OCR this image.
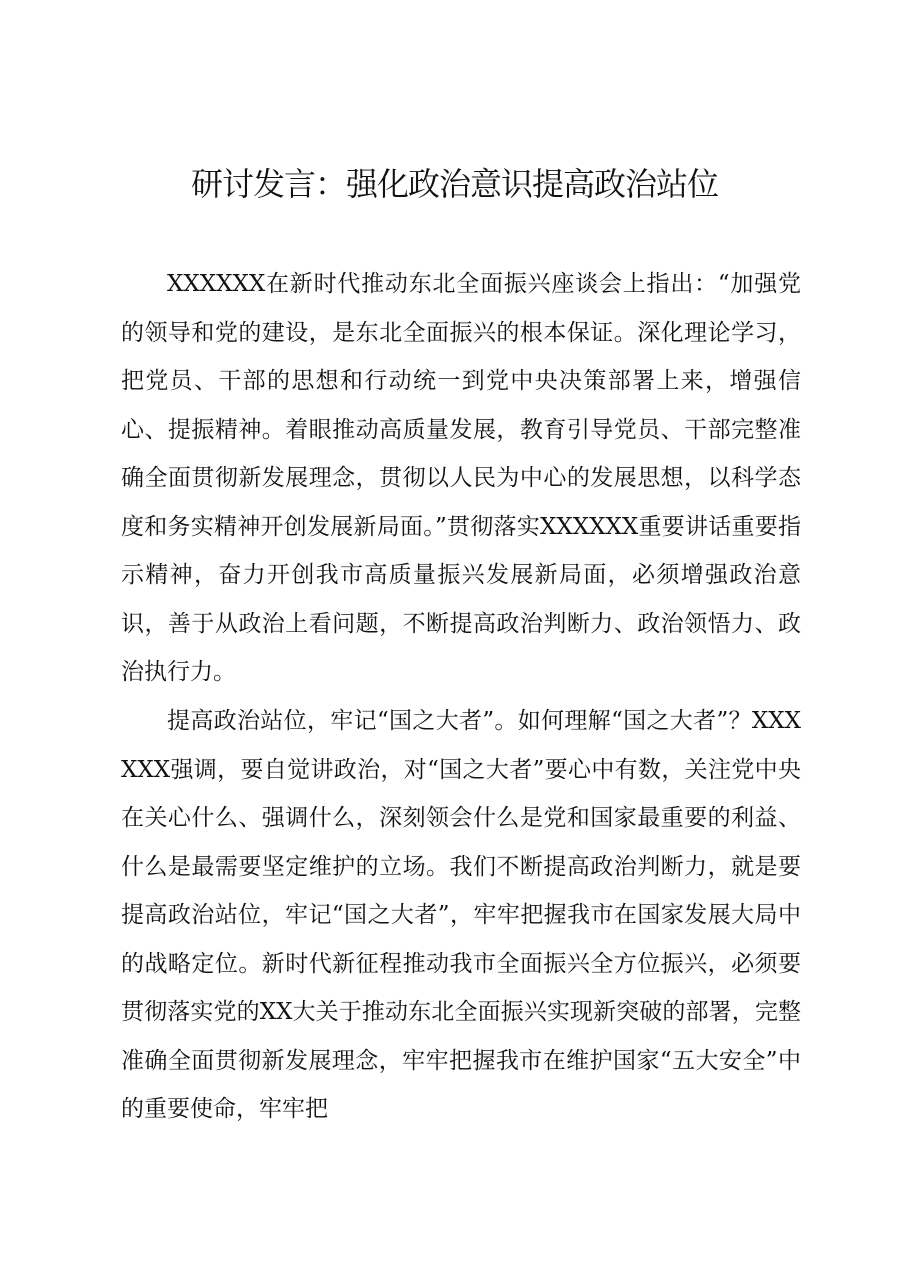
研讨发言：强化政治意识提高政治站位

XXXXXX在新时代推动东北全面振兴座谈会上指出：“加强党的领导和党的建设，是东北全面振兴的根本保证。深化理论学习，把党员、干部的思想和行动统一到党中央决策部署上来，增强信心、提振精神。着眼推动高质量发展，教育引导党员、干部完整准确全面贯彻新发展理念，贯彻以人民为中心的发展思想，以科学态度和务实精神开创发展新局面。”贯彻落实XXXXXX重要讲话重要指示精神，奋力开创我市高质量振兴发展新局面，必须增强政治意识，善于从政治上看问题，不断提高政治判断力、政治领悟力、政治执行力。

提高政治站位，牢记“国之大者”。如何理解“国之大者”？XXXXXX强调，要自觉讲政治，对“国之大者”要心中有数，关注党中央在关心什么、强调什么，深刻领会什么是党和国家最重要的利益、什么是最需要坚定维护的立场。我们不断提高政治判断力，就是要提高政治站位，牢记“国之大者”，牢牢把握我市在国家发展大局中的战略定位。新时代新征程推动我市全面振兴全方位振兴，必须要贯彻落实党的XX大关于推动东北全面振兴实现新突破的部署，完整准确全面贯彻新发展理念，牢牢把握我市在维护国家“五大安全”中的重要使命，牢牢把
